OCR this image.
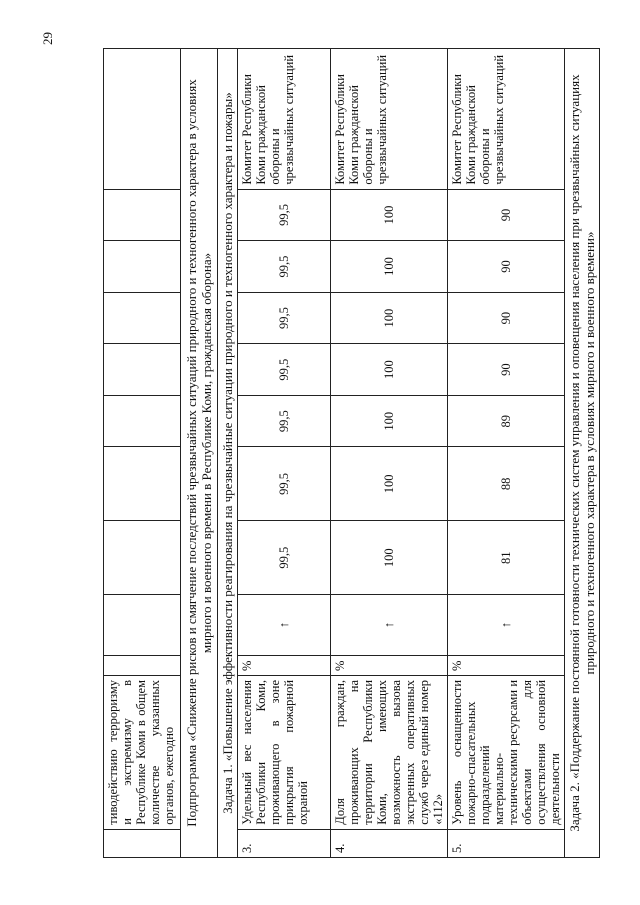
29
	тиводействию терроризму и экстремизму в Республике Коми в общем количестве указанных органов, ежегодно										
Подпрограмма «Снижение рисков и смягчение последствий чрезвычайных ситуаций природного и техногенного характера в условиях мирного и военного времени в Республике Коми, гражданская оборона»											
Задача 1. «Повышение эффективности реагирования на чрезвычайные ситуации природного и техногенного характера и пожары»											
3.	Удельный вес населения Республики Коми, проживающего в зоне прикрытия пожарной охраной	%	↑	99,5	99,5	99,5	99,5	99,5	99,5	99,5	Комитет Республики Коми гражданской обороны и чрезвычайных ситуаций
4.	Доля граждан, проживающих на территории Республики Коми, имеющих возможность вызова экстренных оперативных служб через единый номер «112»	%	↑	100	100	100	100	100	100	100	Комитет Республики Коми гражданской обороны и чрезвычайных ситуаций
5.	Уровень оснащенности пожарно-спасательных подразделений материально-техническими ресурсами и объектами для осуществления основной деятельности	%	↑	81	88	89	90	90	90	90	Комитет Республики Коми гражданской обороны и чрезвычайных ситуаций
Задача 2. «Поддержание постоянной готовности технических систем управления и оповещения населения при чрезвычайных ситуациях природного и техногенного характера в условиях мирного и военного времени»											
